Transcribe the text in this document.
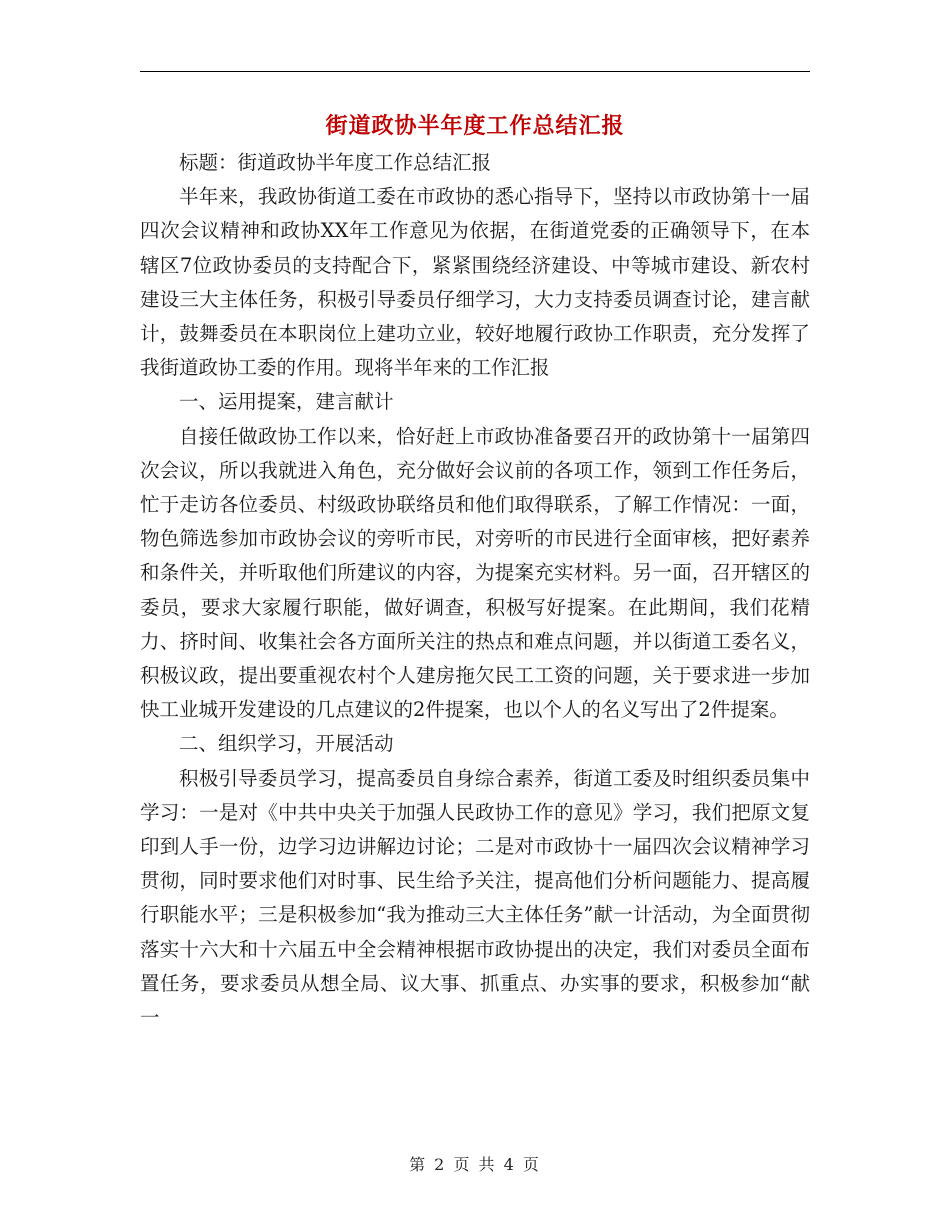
街道政协半年度工作总结汇报

标题：街道政协半年度工作总结汇报

半年来，我政协街道工委在市政协的悉心指导下，坚持以市政协第十一届四次会议精神和政协XX年工作意见为依据，在街道党委的正确领导下，在本辖区7位政协委员的支持配合下，紧紧围绕经济建设、中等城市建设、新农村建设三大主体任务，积极引导委员仔细学习，大力支持委员调查讨论，建言献计，鼓舞委员在本职岗位上建功立业，较好地履行政协工作职责，充分发挥了我街道政协工委的作用。现将半年来的工作汇报

一、运用提案，建言献计

自接任做政协工作以来，恰好赶上市政协准备要召开的政协第十一届第四次会议，所以我就进入角色，充分做好会议前的各项工作，领到工作任务后，忙于走访各位委员、村级政协联络员和他们取得联系，了解工作情况：一面，物色筛选参加市政协会议的旁听市民，对旁听的市民进行全面审核，把好素养和条件关，并听取他们所建议的内容，为提案充实材料。另一面，召开辖区的委员，要求大家履行职能，做好调查，积极写好提案。在此期间，我们花精力、挤时间、收集社会各方面所关注的热点和难点问题，并以街道工委名义，积极议政，提出要重视农村个人建房拖欠民工工资的问题，关于要求进一步加快工业城开发建设的几点建议的2件提案，也以个人的名义写出了2件提案。

二、组织学习，开展活动

积极引导委员学习，提高委员自身综合素养，街道工委及时组织委员集中学习：一是对《中共中央关于加强人民政协工作的意见》学习，我们把原文复印到人手一份，边学习边讲解边讨论；二是对市政协十一届四次会议精神学习贯彻，同时要求他们对时事、民生给予关注，提高他们分析问题能力、提高履行职能水平；三是积极参加“我为推动三大主体任务”献一计活动，为全面贯彻落实十六大和十六届五中全会精神根据市政协提出的决定，我们对委员全面布置任务，要求委员从想全局、议大事、抓重点、办实事的要求，积极参加“献一

第 2 页 共 4 页
